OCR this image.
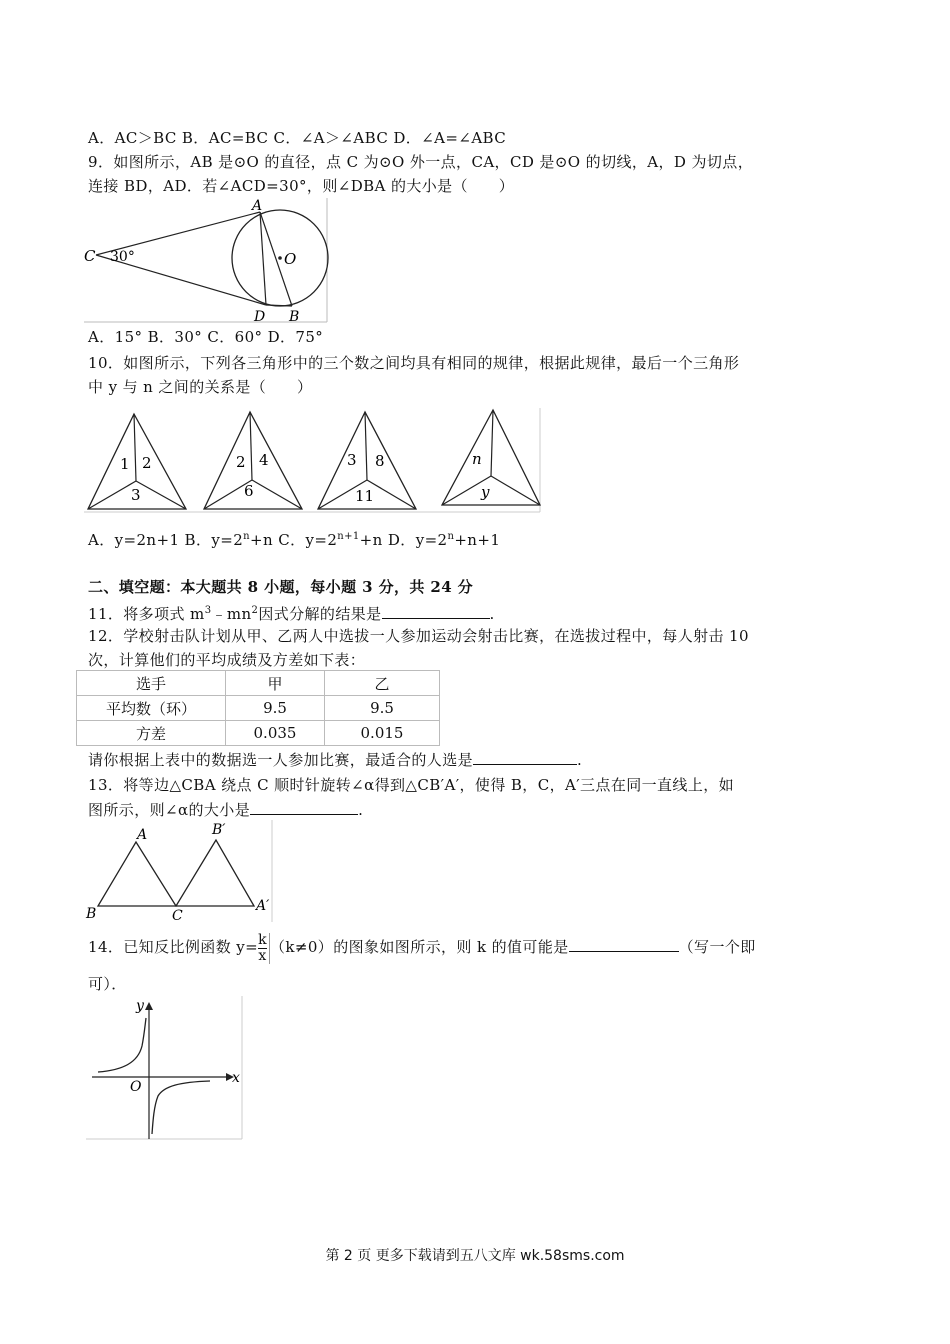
A．AC＞BC B．AC=BC C．∠A＞∠ABC D．∠A=∠ABC
9．如图所示，AB 是⊙O 的直径，点 C 为⊙O 外一点，CA，CD 是⊙O 的切线，A，D 为切点，
连接 BD，AD．若∠ACD=30°，则∠DBA 的大小是（　　）
C 30°
A
O
D B
A．15° B．30° C．60° D．75°
10．如图所示，下列各三角形中的三个数之间均具有相同的规律，根据此规律，最后一个三角形
中 y 与 n 之间的关系是（　　）
1 2
3
2 4
6
3 8
11
n
y
A．y=2n+1 B．$y=2^n+n$ C．$y=2^{n+1}+n$ D．$y=2^n+n+1$
二、填空题：本大题共 8 小题，每小题 3 分，共 24 分
11．将多项式 $m^3﹣mn^2$因式分解的结果是	.
12．学校射击队计划从甲、乙两人中选拔一人参加运动会射击比赛，在选拔过程中，每人射击 10
次，计算他们的平均成绩及方差如下表：
选手	甲	乙
平均数（环）	9.5	9.5
方差	0.035	0.015
请你根据上表中的数据选一人参加比赛，最适合的人选是	.
13．将等边△CBA 绕点 C 顺时针旋转∠α得到△CB′A′，使得 B，C，A′三点在同一直线上，如
图所示，则∠α的大小是	.
A	B′
B	C
A′
14．已知反比例函数 $y= \frac{k}{x} (k\ne 0)$的图象如图所示，则 k 的值可能是	（写一个即
可）．
y
x
O
第 2 页 更多下载请到五八文库 wk.58sms.com
